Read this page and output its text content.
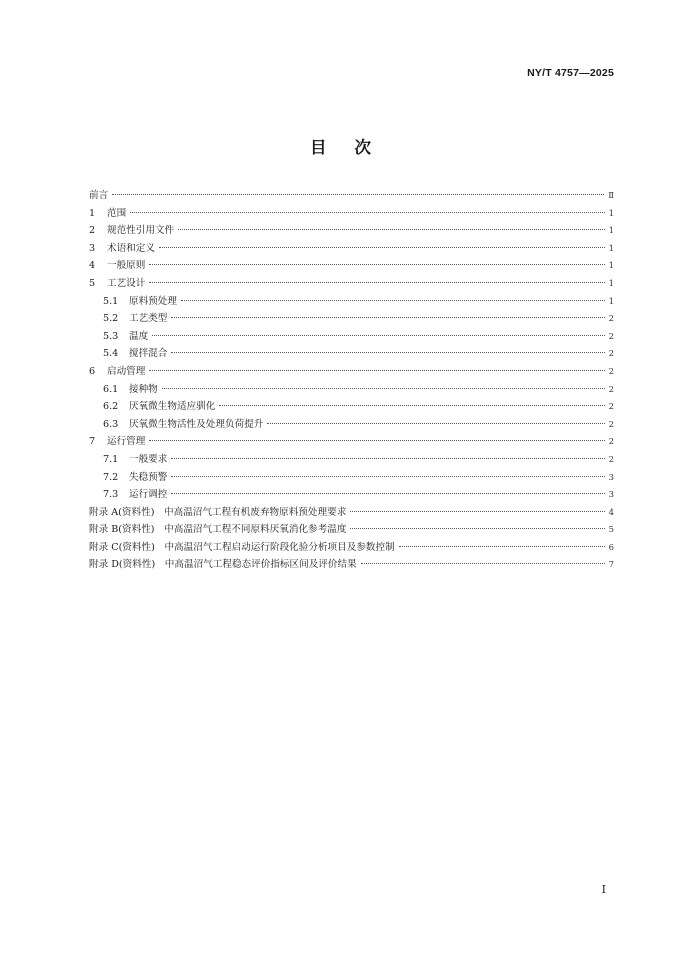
NY/T 4757—2025
目次
前言	Ⅱ
1	范围	1
2	规范性引用文件	1
3	术语和定义	1
4	一般原则	1
5	工艺设计	1
5.1	原料预处理	1
5.2	工艺类型	2
5.3	温度	2
5.4	搅拌混合	2
6	启动管理	2
6.1	接种物	2
6.2	厌氧微生物适应驯化	2
6.3	厌氧微生物活性及处理负荷提升	2
7	运行管理	2
7.1	一般要求	2
7.2	失稳预警	3
7.3	运行调控	3
附录 A(资料性)　中高温沼气工程有机废弃物原料预处理要求	4
附录 B(资料性)　中高温沼气工程不同原料厌氧消化参考温度	5
附录 C(资料性)　中高温沼气工程启动运行阶段化验分析项目及参数控制	6
附录 D(资料性)　中高温沼气工程稳态评价指标区间及评价结果	7
I
